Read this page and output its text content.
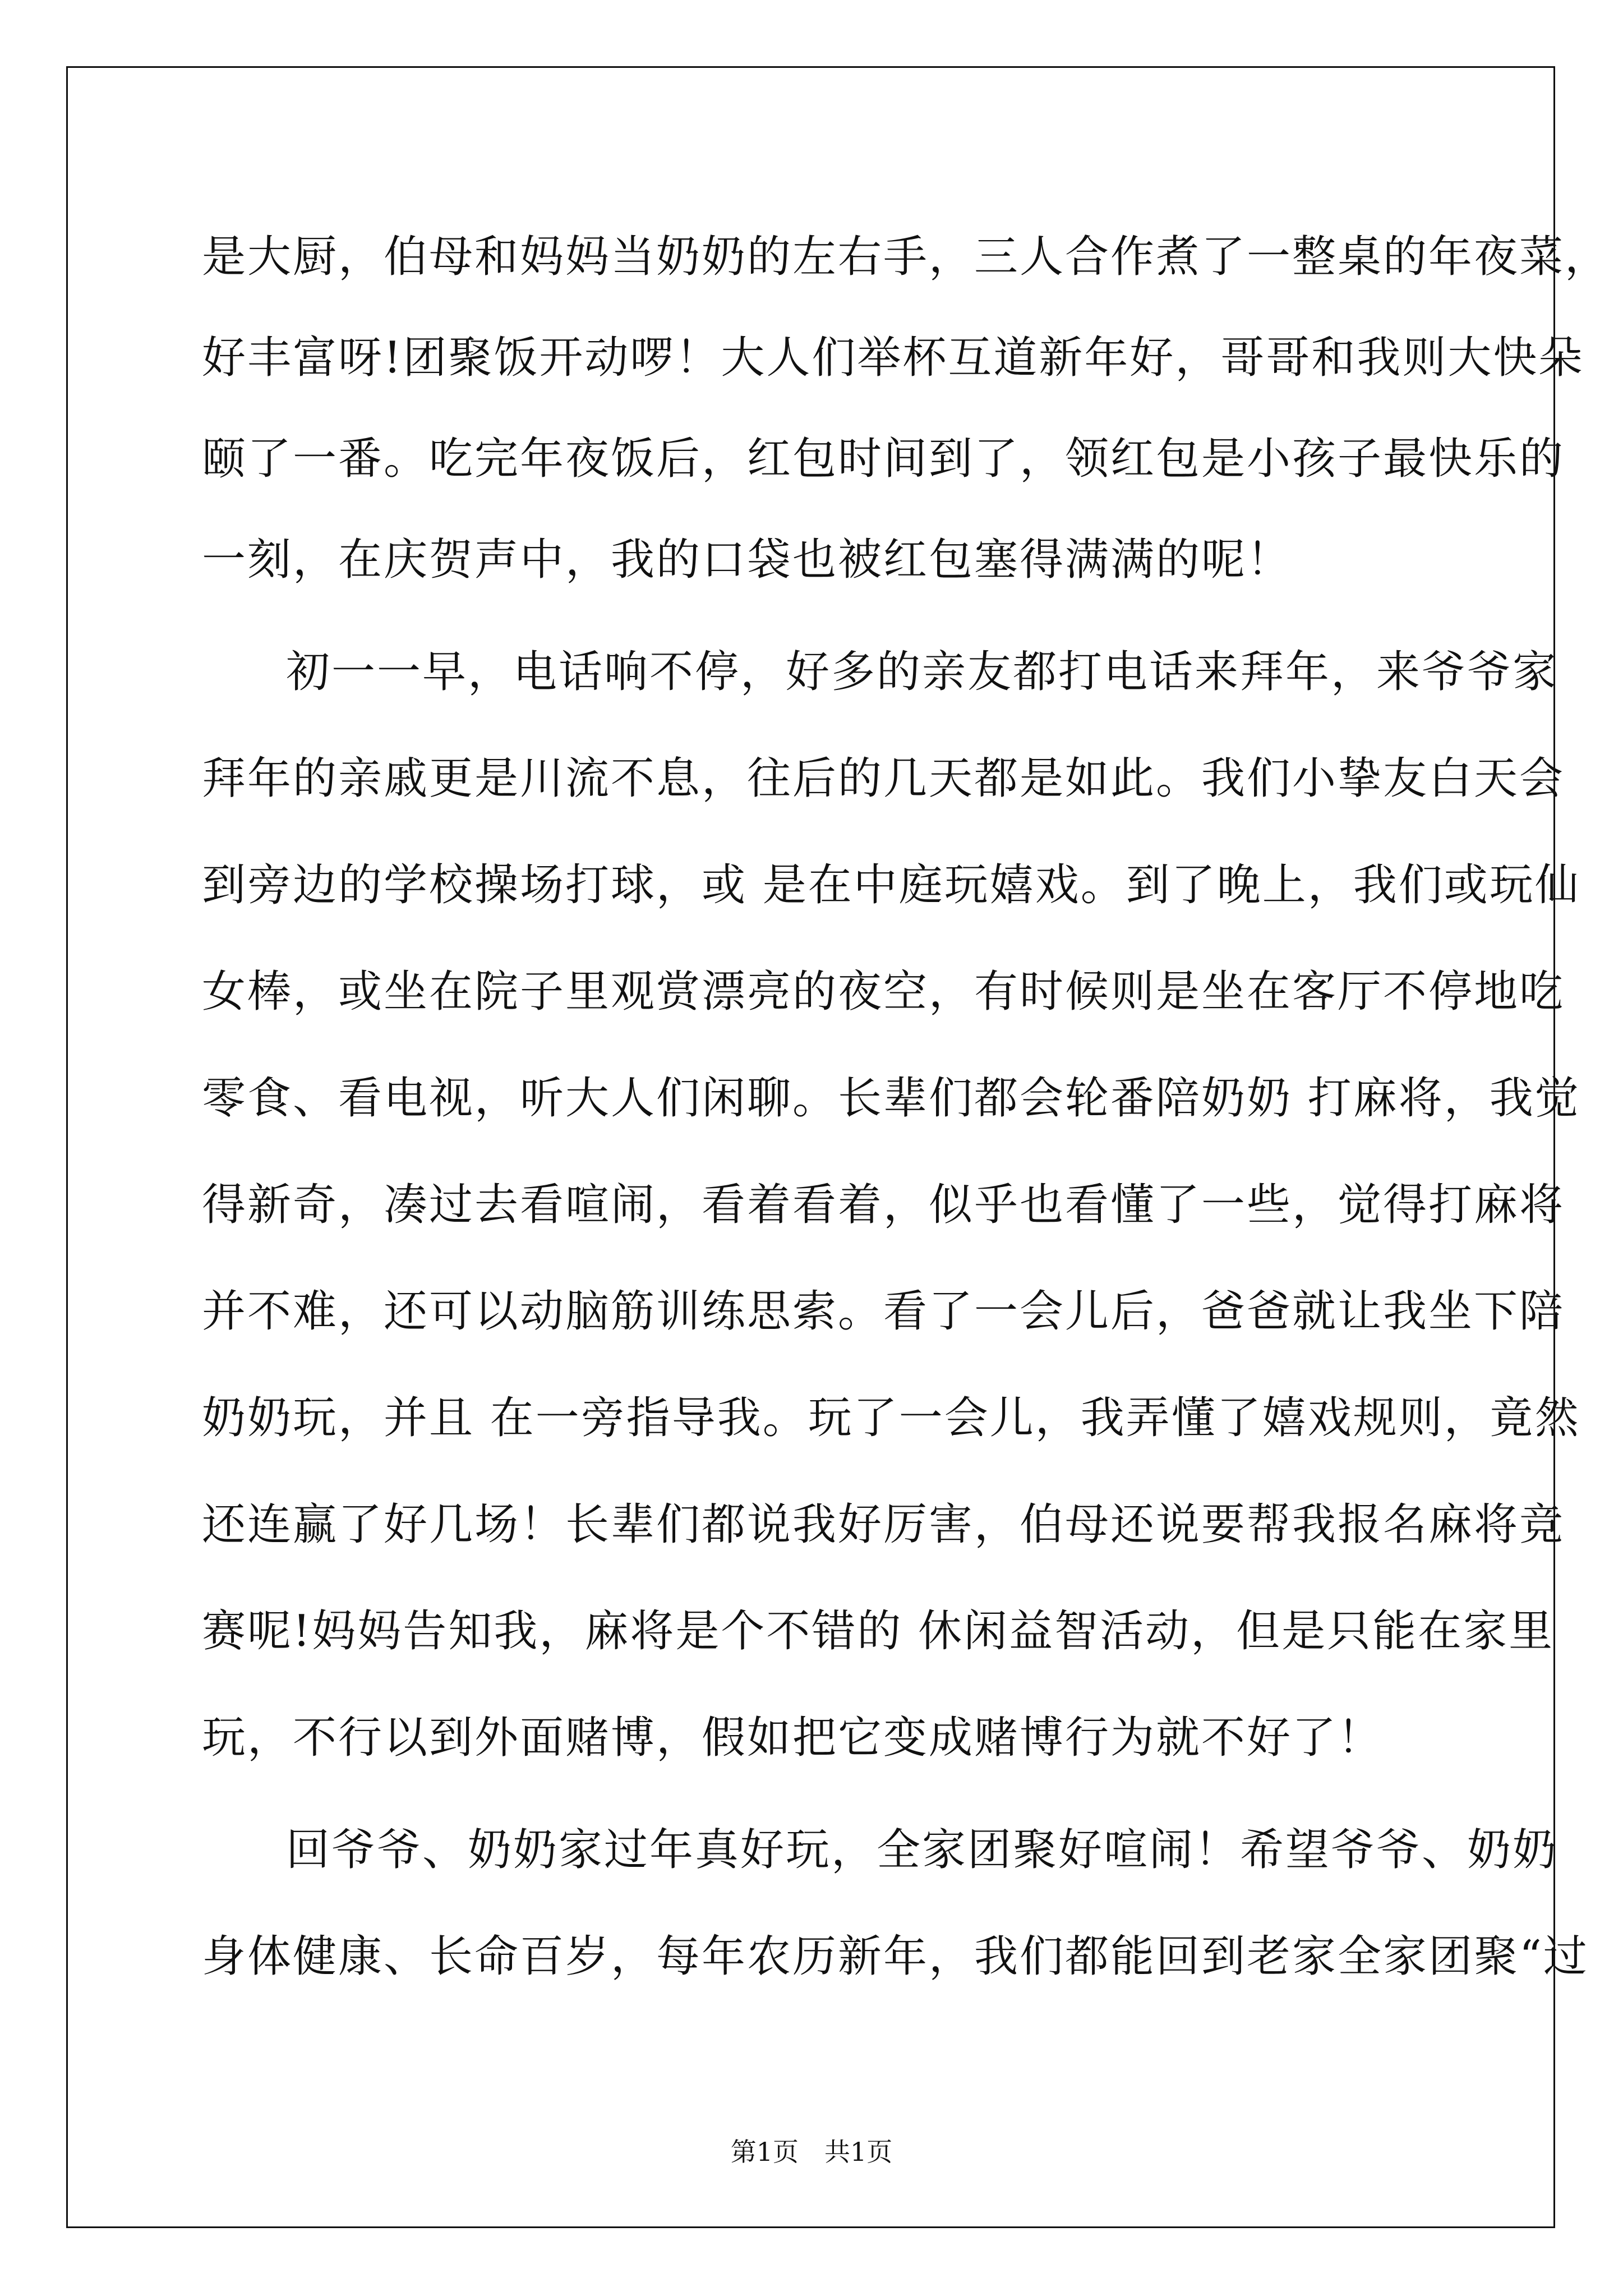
是大厨，伯母和妈妈当奶奶的左右手，三人合作煮了一整桌的年夜菜，
好丰富呀!团聚饭开动啰！大人们举杯互道新年好，哥哥和我则大快朵
颐了一番。吃完年夜饭后，红包时间到了，领红包是小孩子最快乐的
一刻，在庆贺声中，我的口袋也被红包塞得满满的呢！
初一一早，电话响不停，好多的亲友都打电话来拜年，来爷爷家
拜年的亲戚更是川流不息，往后的几天都是如此。我们小挚友白天会
到旁边的学校操场打球，或 是在中庭玩嬉戏。到了晚上，我们或玩仙
女棒，或坐在院子里观赏漂亮的夜空，有时候则是坐在客厅不停地吃
零食、看电视，听大人们闲聊。长辈们都会轮番陪奶奶 打麻将，我觉
得新奇，凑过去看喧闹，看着看着，似乎也看懂了一些，觉得打麻将
并不难，还可以动脑筋训练思索。看了一会儿后，爸爸就让我坐下陪
奶奶玩，并且 在一旁指导我。玩了一会儿，我弄懂了嬉戏规则，竟然
还连赢了好几场！长辈们都说我好厉害，伯母还说要帮我报名麻将竞
赛呢!妈妈告知我，麻将是个不错的 休闲益智活动，但是只能在家里
玩，不行以到外面赌博，假如把它变成赌博行为就不好了！
回爷爷、奶奶家过年真好玩，全家团聚好喧闹！希望爷爷、奶奶
身体健康、长命百岁，每年农历新年，我们都能回到老家全家团聚“过
第1页　共1页
